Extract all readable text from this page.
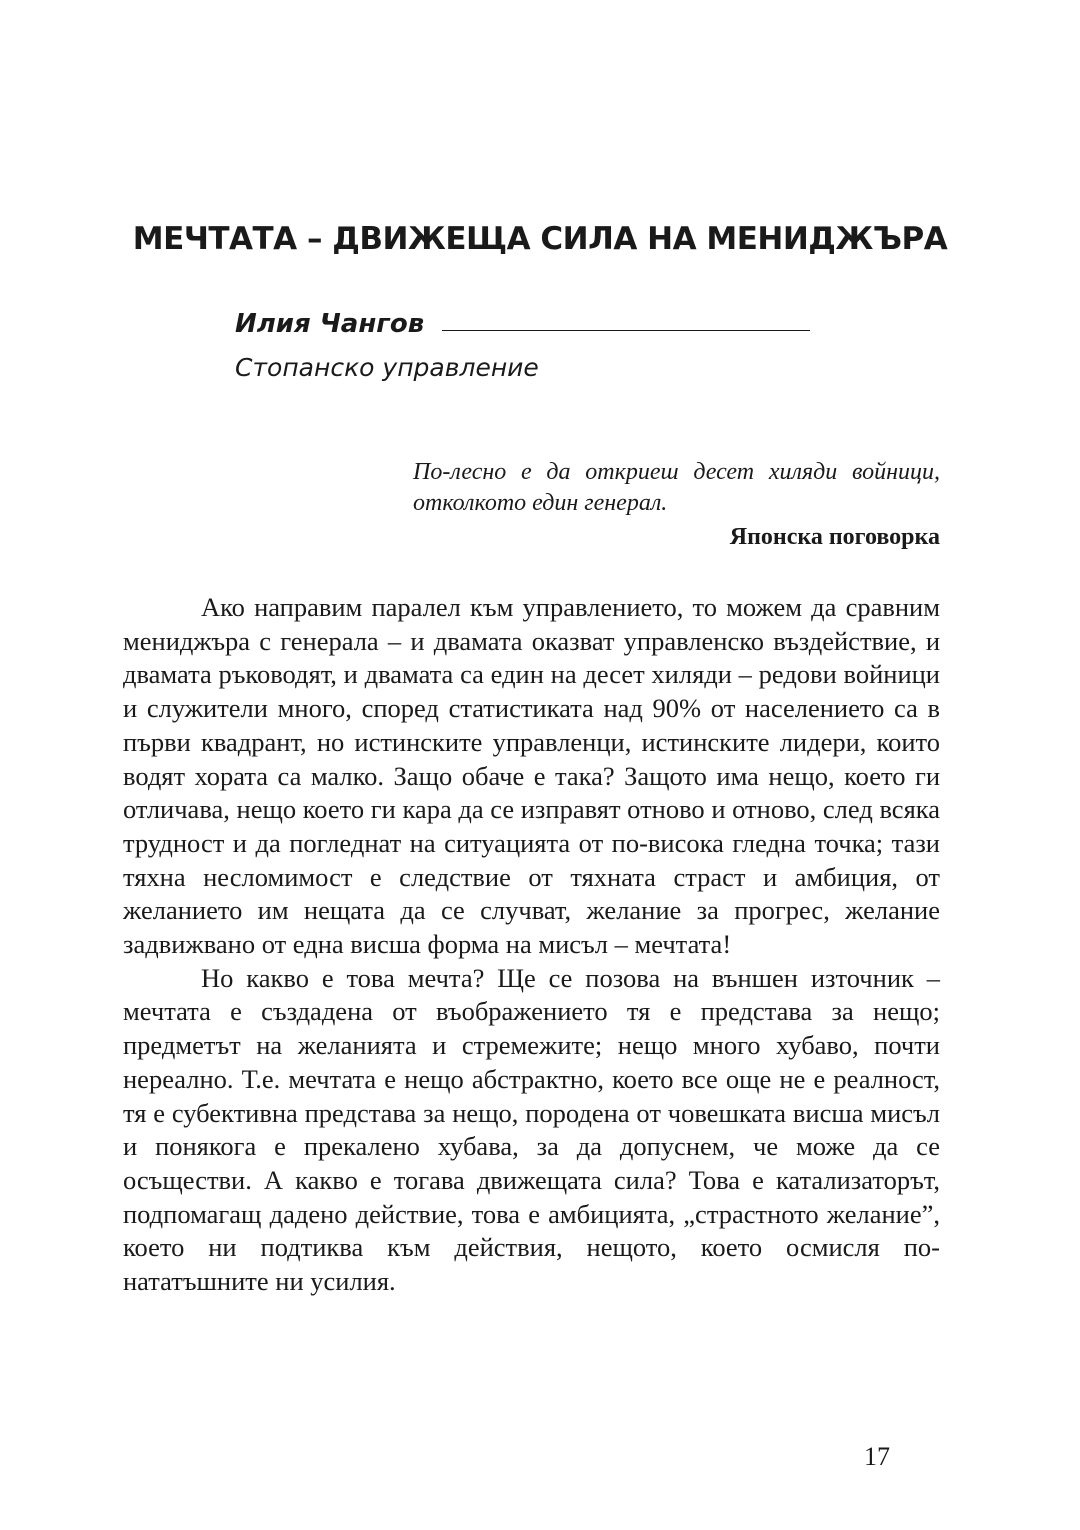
МЕЧТАТА – ДВИЖЕЩА СИЛА НА МЕНИДЖЪРА
Илия Чангов
Стопанско управление
По-лесно е да откриеш десет хиляди войници, отколкото един генерал.
Японска поговорка

Ако направим паралел към управлението, то можем да сравним мениджъра с генерала – и двамата оказват управленско въздействие, и двамата ръководят, и двамата са един на десет хиляди – редови войници и служители много, според статистиката над 90% от населението са в първи квадрант, но истинските управленци, истинските лидери, които водят хората са малко. Защо обаче е така? Защото има нещо, което ги отличава, нещо което ги кара да се изправят отново и отново, след всяка трудност и да погледнат на ситуацията от по-висока гледна точка; тази тяхна несломимост е следствие от тяхната страст и амбиция, от желанието им нещата да се случват, желание за прогрес, желание задвижвано от една висша форма на мисъл – мечтата!

Но какво е това мечта? Ще се позова на външен източник – мечтата е създадена от въображението тя е представа за нещо; предметът на желанията и стремежите; нещо много хубаво, почти нереално. Т.е. мечтата е нещо абстрактно, което все още не е реалност, тя е субективна представа за нещо, породена от човешката висша мисъл и понякога е прекалено хубава, за да допуснем, че може да се осъществи. А какво е тогава движещата сила? Това е катализаторът, подпомагащ дадено действие, това е амбицията, „страстното желание”, което ни подтиква към действия, нещото, което осмисля по-нататъшните ни усилия.

17
